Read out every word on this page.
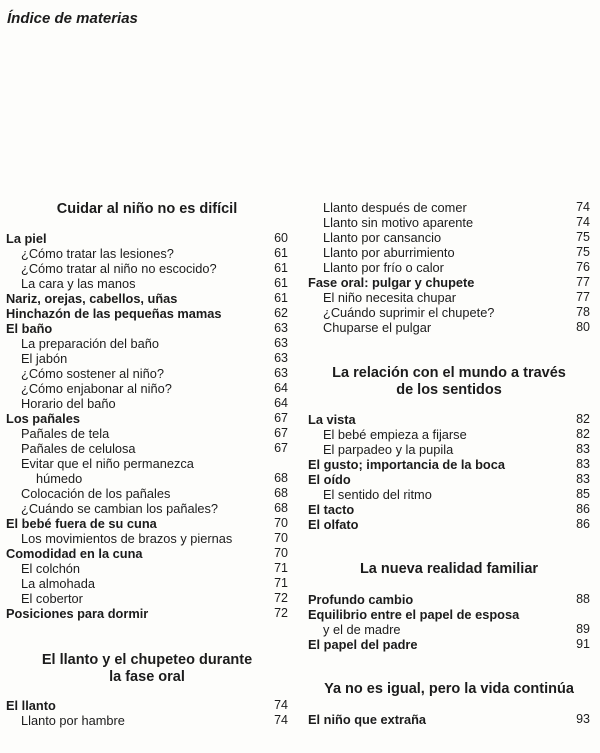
Índice de materias
Cuidar al niño no es difícil
La piel	60
¿Cómo tratar las lesiones?	61
¿Cómo tratar al niño no escocido?	61
La cara y las manos	61
Nariz, orejas, cabellos, uñas	61
Hinchazón de las pequeñas mamas	62
El baño	63
La preparación del baño	63
El jabón	63
¿Cómo sostener al niño?	63
¿Cómo enjabonar al niño?	64
Horario del baño	64
Los pañales	67
Pañales de tela	67
Pañales de celulosa	67
Evitar que el niño permanezca
húmedo	68
Colocación de los pañales	68
¿Cuándo se cambian los pañales?	68
El bebé fuera de su cuna	70
Los movimientos de brazos y piernas	70
Comodidad en la cuna	70
El colchón	71
La almohada	71
El cobertor	72
Posiciones para dormir	72
El llanto y el chupeteo durante
la fase oral
El llanto	74
Llanto por hambre	74
Llanto después de comer	74
Llanto sin motivo aparente	74
Llanto por cansancio	75
Llanto por aburrimiento	75
Llanto por frío o calor	76
Fase oral: pulgar y chupete	77
El niño necesita chupar	77
¿Cuándo suprimir el chupete?	78
Chuparse el pulgar	80
La relación con el mundo a través
de los sentidos
La vista	82
El bebé empieza a fijarse	82
El parpadeo y la pupila	83
El gusto; importancia de la boca	83
El oído	83
El sentido del ritmo	85
El tacto	86
El olfato	86
La nueva realidad familiar
Profundo cambio	88
Equilibrio entre el papel de esposa
y el de madre	89
El papel del padre	91
Ya no es igual, pero la vida continúa
El niño que extraña	93
